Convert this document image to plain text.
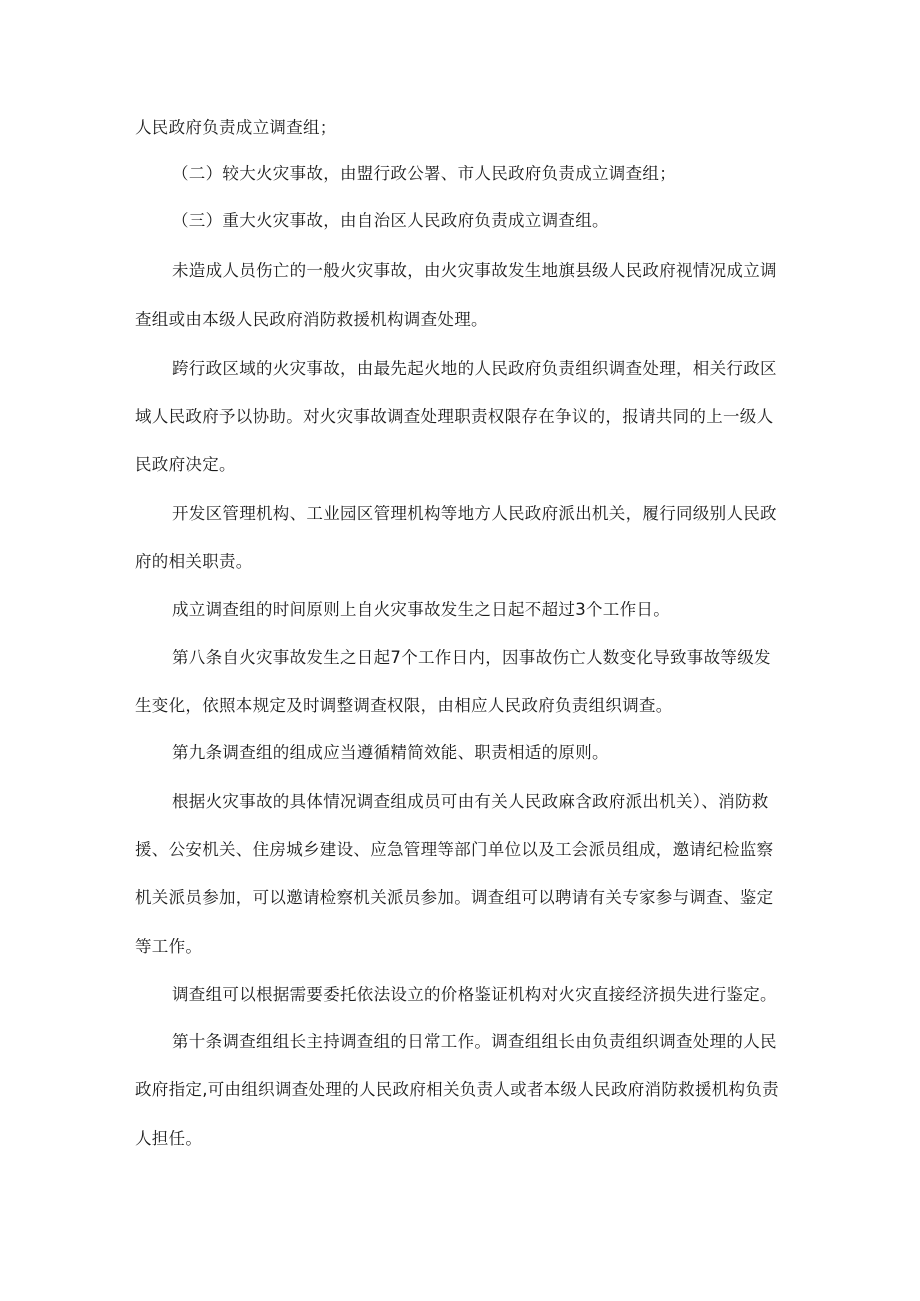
人民政府负责成立调查组；
（二）较大火灾事故，由盟行政公署、市人民政府负责成立调查组；
（三）重大火灾事故，由自治区人民政府负责成立调查组。
未造成人员伤亡的一般火灾事故，由火灾事故发生地旗县级人民政府视情况成立调
查组或由本级人民政府消防救援机构调查处理。
跨行政区域的火灾事故，由最先起火地的人民政府负责组织调查处理，相关行政区
域人民政府予以协助。对火灾事故调查处理职责权限存在争议的，报请共同的上一级人
民政府决定。
开发区管理机构、工业园区管理机构等地方人民政府派出机关，履行同级别人民政
府的相关职责。
成立调查组的时间原则上自火灾事故发生之日起不超过3个工作日。
第八条自火灾事故发生之日起7个工作日内，因事故伤亡人数变化导致事故等级发
生变化，依照本规定及时调整调查权限，由相应人民政府负责组织调查。
第九条调查组的组成应当遵循精简效能、职责相适的原则。
根据火灾事故的具体情况调查组成员可由有关人民政麻含政府派出机关）、消防救
援、公安机关、住房城乡建设、应急管理等部门单位以及工会派员组成，邀请纪检监察
机关派员参加，可以邀请检察机关派员参加。调查组可以聘请有关专家参与调查、鉴定
等工作。
调查组可以根据需要委托依法设立的价格鉴证机构对火灾直接经济损失进行鉴定。
第十条调查组组长主持调查组的日常工作。调查组组长由负责组织调查处理的人民
政府指定,可由组织调查处理的人民政府相关负责人或者本级人民政府消防救援机构负责
人担任。
